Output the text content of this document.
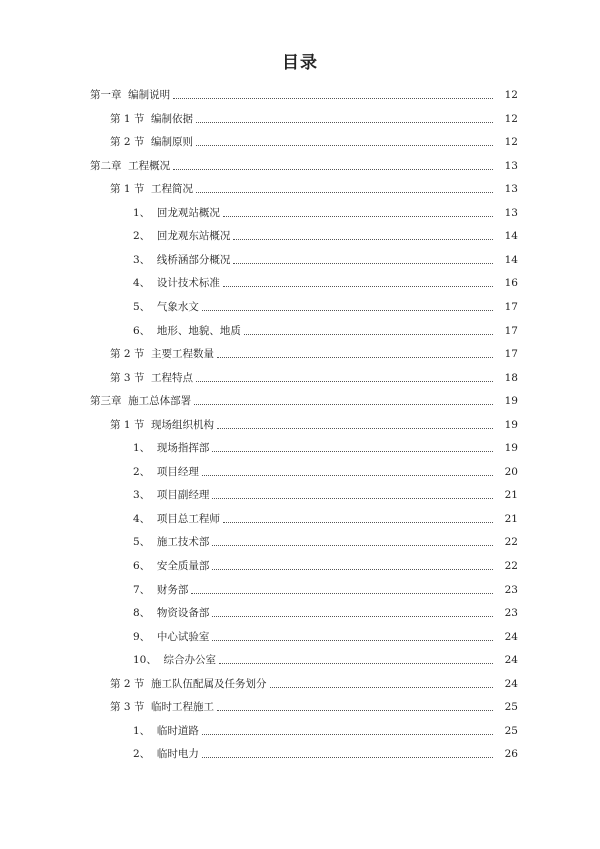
目录
第一章  编制说明	12
第 1 节  编制依据	12
第 2 节  编制原则	12
第二章  工程概况	13
第 1 节  工程简况	13
1、  回龙观站概况	13
2、  回龙观东站概况	14
3、  线桥涵部分概况	14
4、  设计技术标准	16
5、  气象水文	17
6、  地形、地貌、地质	17
第 2 节  主要工程数量	17
第 3 节  工程特点	18
第三章  施工总体部署	19
第 1 节  现场组织机构	19
1、  现场指挥部	19
2、  项目经理	20
3、  项目副经理	21
4、  项目总工程师	21
5、  施工技术部	22
6、  安全质量部	22
7、  财务部	23
8、  物资设备部	23
9、  中心试验室	24
10、  综合办公室	24
第 2 节  施工队伍配属及任务划分	24
第 3 节  临时工程施工	25
1、  临时道路	25
2、  临时电力	26
